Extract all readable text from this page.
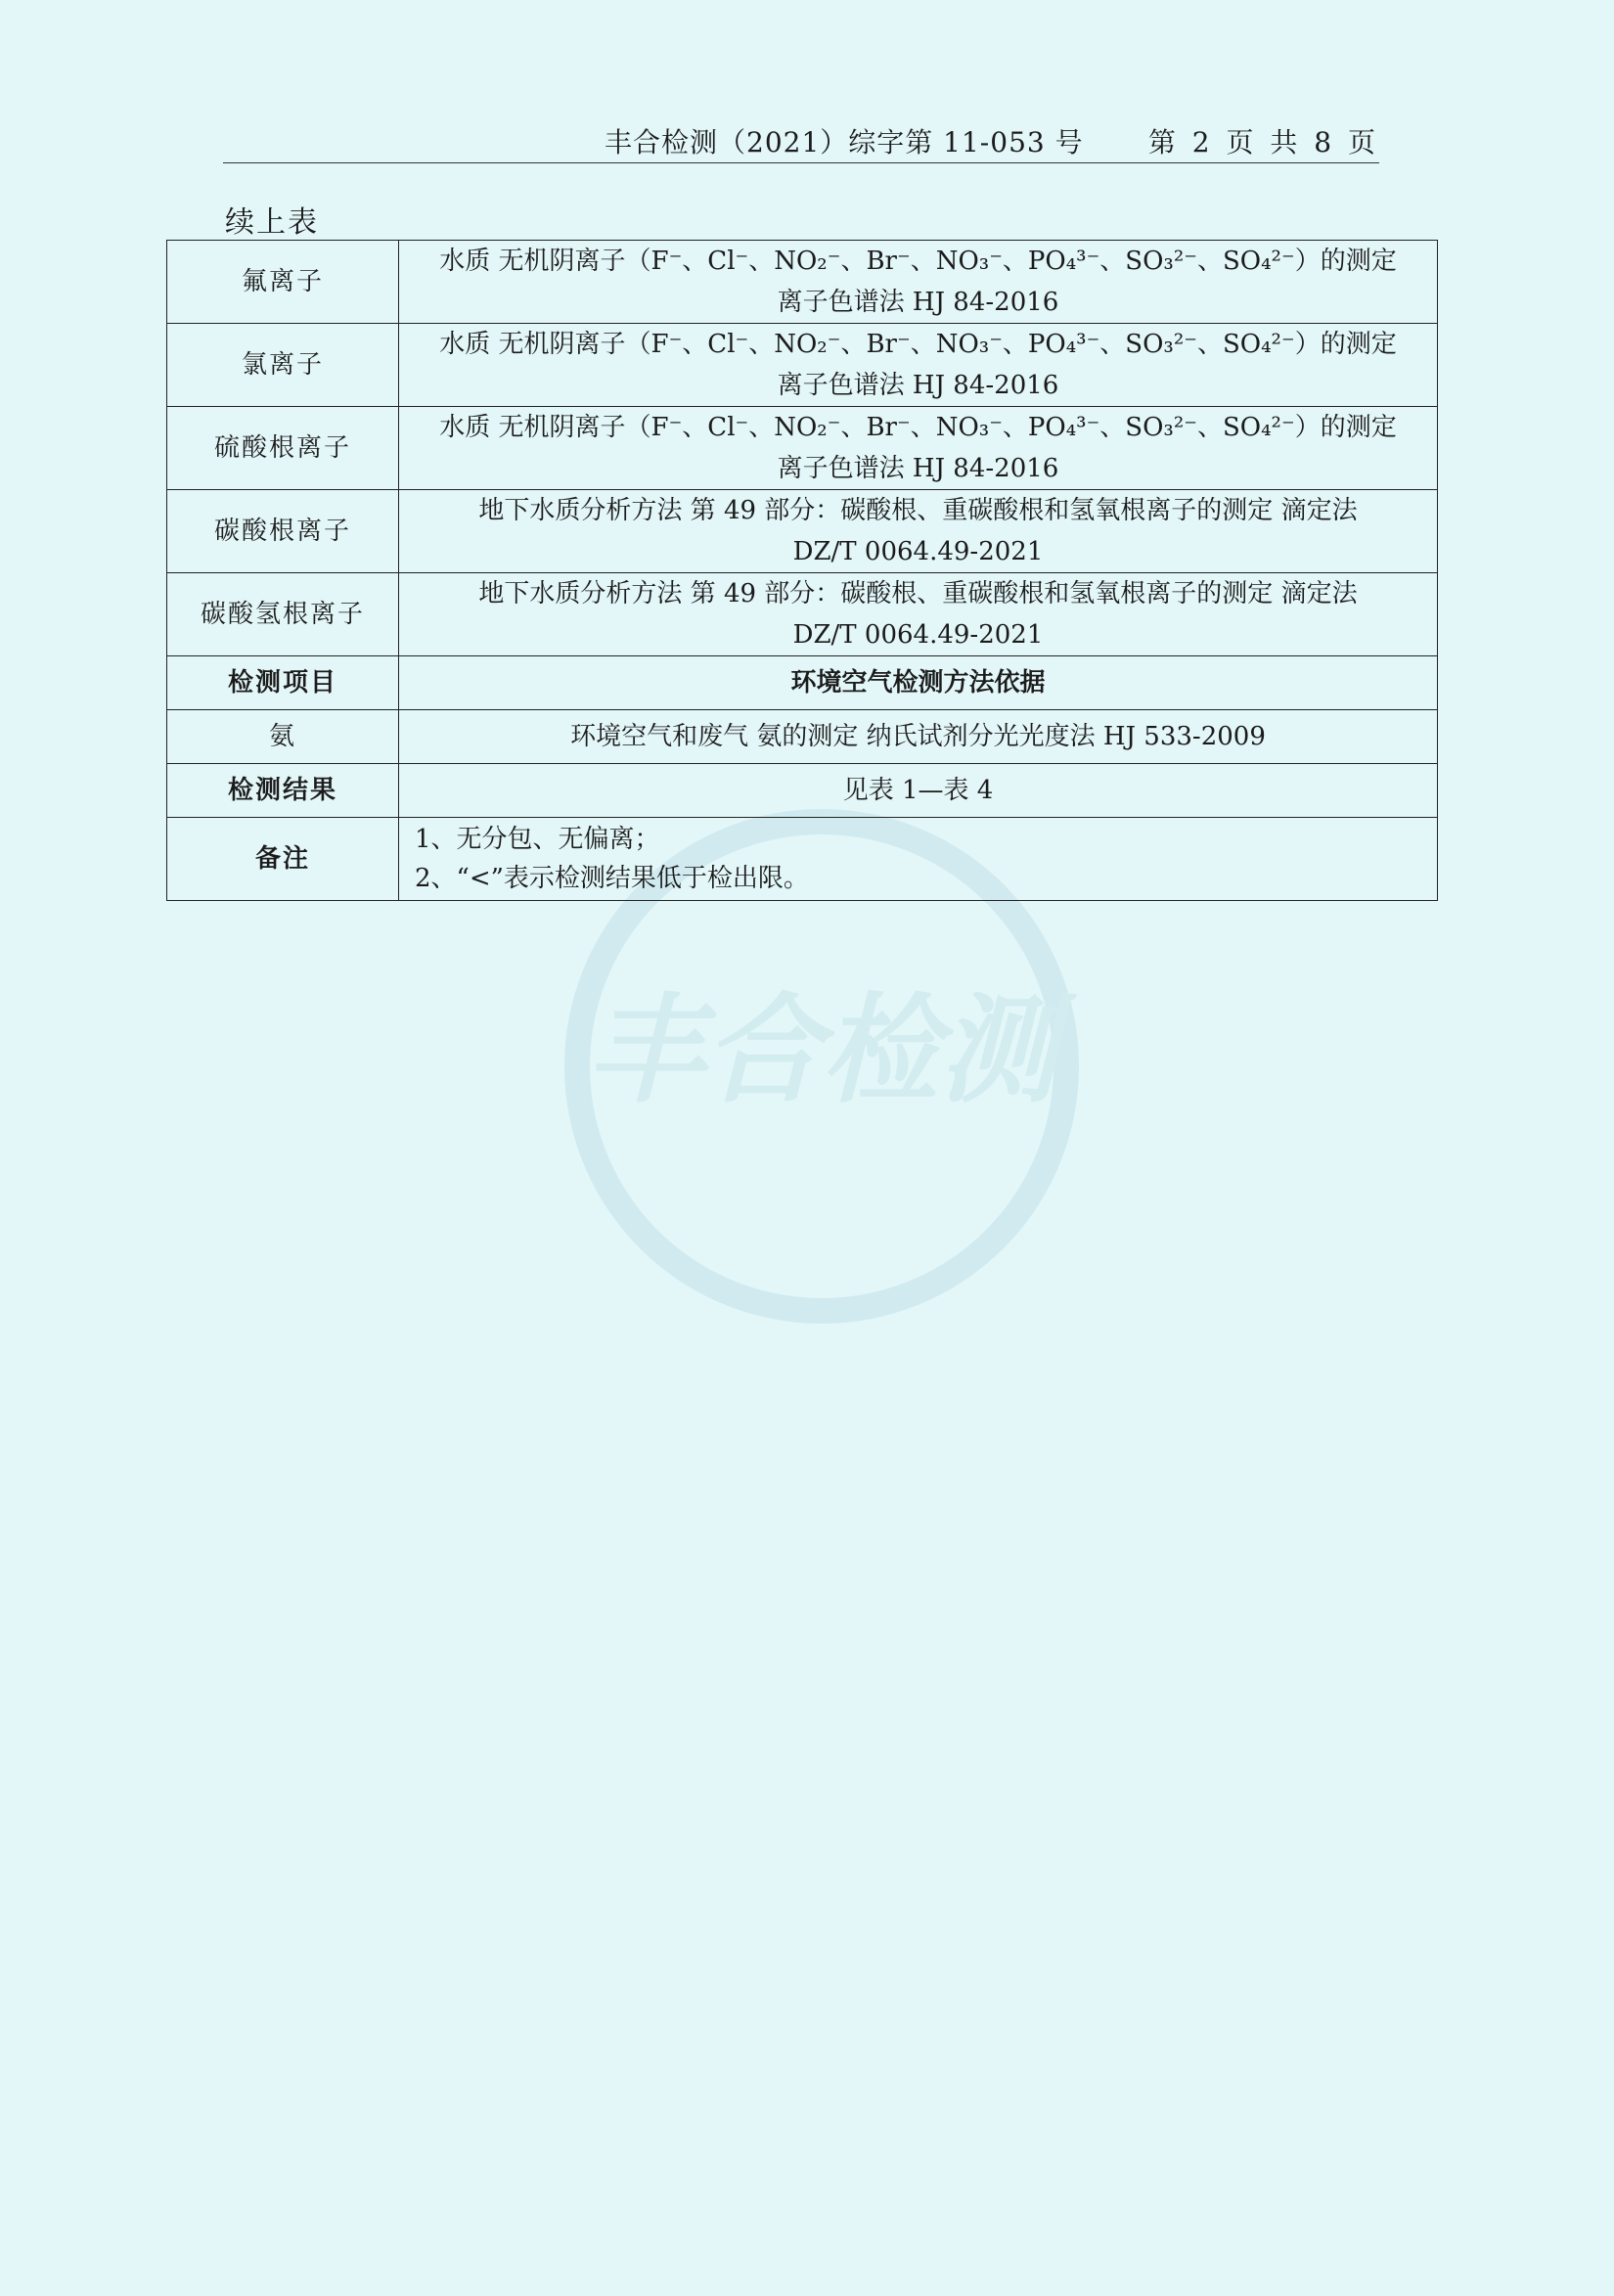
丰合检测
丰合检测（2021）综字第 11-053 号 第 2 页 共 8 页
续上表
氟离子	水质 无机阴离子（F⁻、Cl⁻、NO₂⁻、Br⁻、NO₃⁻、PO₄³⁻、SO₃²⁻、SO₄²⁻）的测定
离子色谱法 HJ 84-2016

氯离子	水质 无机阴离子（F⁻、Cl⁻、NO₂⁻、Br⁻、NO₃⁻、PO₄³⁻、SO₃²⁻、SO₄²⁻）的测定
离子色谱法 HJ 84-2016

硫酸根离子	水质 无机阴离子（F⁻、Cl⁻、NO₂⁻、Br⁻、NO₃⁻、PO₄³⁻、SO₃²⁻、SO₄²⁻）的测定
离子色谱法 HJ 84-2016

碳酸根离子	地下水质分析方法 第 49 部分：碳酸根、重碳酸根和氢氧根离子的测定 滴定法
DZ/T 0064.49-2021

碳酸氢根离子	地下水质分析方法 第 49 部分：碳酸根、重碳酸根和氢氧根离子的测定 滴定法
DZ/T 0064.49-2021

检测项目	环境空气检测方法依据
氨	环境空气和废气 氨的测定 纳氏试剂分光光度法 HJ 533-2009
检测结果	见表 1—表 4
备注	1、无分包、无偏离；
2、“<”表示检测结果低于检出限。
